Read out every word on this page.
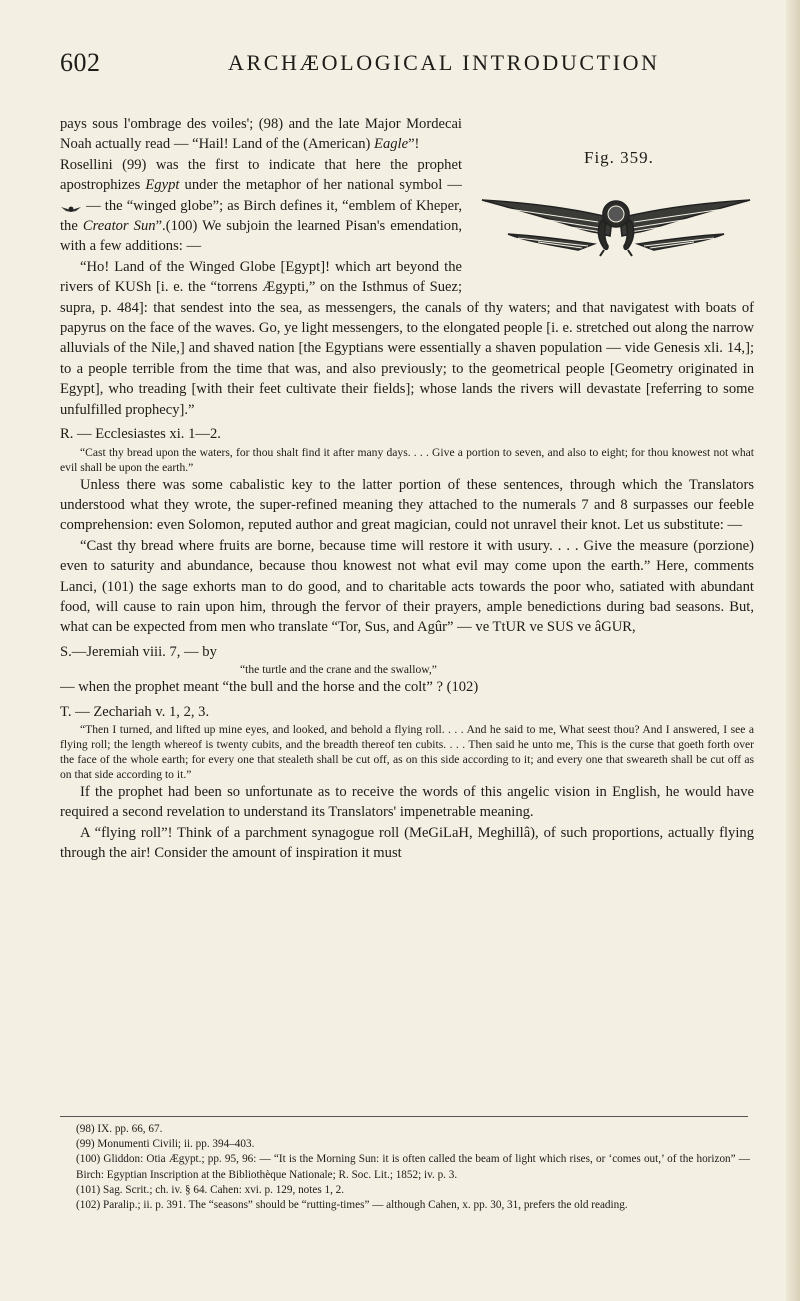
602	ARCHÆOLOGICAL INTRODUCTION
Fig. 359.

pays sous l'ombrage des voiles'; (98) and the late Major Mordecai Noah actually read — “Hail! Land of the (American) Eagle”!

Rosellini (99) was the first to indicate that here the prophet apostrophizes Egypt under the metaphor of her national symbol —  — the “winged globe”; as Birch defines it, “emblem of Kheper, the Creator Sun”.(100) We subjoin the learned Pisan's emendation, with a few additions: —

“Ho! Land of the Winged Globe [Egypt]! which art beyond the rivers of KUSh [i. e. the “torrens Ægypti,” on the Isthmus of Suez; supra, p. 484]: that sendest into the sea, as messengers, the canals of thy waters; and that navigatest with boats of papyrus on the face of the waves. Go, ye light messengers, to the elongated people [i. e. stretched out along the narrow alluvials of the Nile,] and shaved nation [the Egyptians were essentially a shaven population — vide Genesis xli. 14,]; to a people terrible from the time that was, and also previously; to the geometrical people [Geometry originated in Egypt], who treading [with their feet cultivate their fields]; whose lands the rivers will devastate [referring to some unfulfilled prophecy].”

R. — Ecclesiastes xi. 1—2.

“Cast thy bread upon the waters, for thou shalt find it after many days. . . . Give a portion to seven, and also to eight; for thou knowest not what evil shall be upon the earth.”

Unless there was some cabalistic key to the latter portion of these sentences, through which the Translators understood what they wrote, the super-refined meaning they attached to the numerals 7 and 8 surpasses our feeble comprehension: even Solomon, reputed author and great magician, could not unravel their knot. Let us substitute: —

“Cast thy bread where fruits are borne, because time will restore it with usury. . . . Give the measure (porzione) even to saturity and abundance, because thou knowest not what evil may come upon the earth.” Here, comments Lanci, (101) the sage exhorts man to do good, and to charitable acts towards the poor who, satiated with abundant food, will cause to rain upon him, through the fervor of their prayers, ample benedictions during bad seasons. But, what can be expected from men who translate “Tor, Sus, and Agûr” — ve TtUR ve SUS ve âGUR,

S.—Jeremiah viii. 7, — by

“the turtle and the crane and the swallow,”

— when the prophet meant “the bull and the horse and the colt” ? (102)

T. — Zechariah v. 1, 2, 3.

“Then I turned, and lifted up mine eyes, and looked, and behold a flying roll. . . . And he said to me, What seest thou? And I answered, I see a flying roll; the length whereof is twenty cubits, and the breadth thereof ten cubits. . . . Then said he unto me, This is the curse that goeth forth over the face of the whole earth; for every one that stealeth shall be cut off, as on this side according to it; and every one that sweareth shall be cut off as on that side according to it.”

If the prophet had been so unfortunate as to receive the words of this angelic vision in English, he would have required a second revelation to understand its Translators' impenetrable meaning.

A “flying roll”! Think of a parchment synagogue roll (MeGiLaH, Meghillâ), of such proportions, actually flying through the air! Consider the amount of inspiration it must

(98) IX. pp. 66, 67.

(99) Monumenti Civili; ii. pp. 394–403.

(100) Gliddon: Otia Ægypt.; pp. 95, 96: — “It is the Morning Sun: it is often called the beam of light which rises, or ‘comes out,’ of the horizon” — Birch: Egyptian Inscription at the Bibliothèque Nationale; R. Soc. Lit.; 1852; iv. p. 3.

(101) Sag. Scrit.; ch. iv. § 64. Cahen: xvi. p. 129, notes 1, 2.

(102) Paralip.; ii. p. 391. The “seasons” should be “rutting-times” — although Cahen, x. pp. 30, 31, prefers the old reading.
